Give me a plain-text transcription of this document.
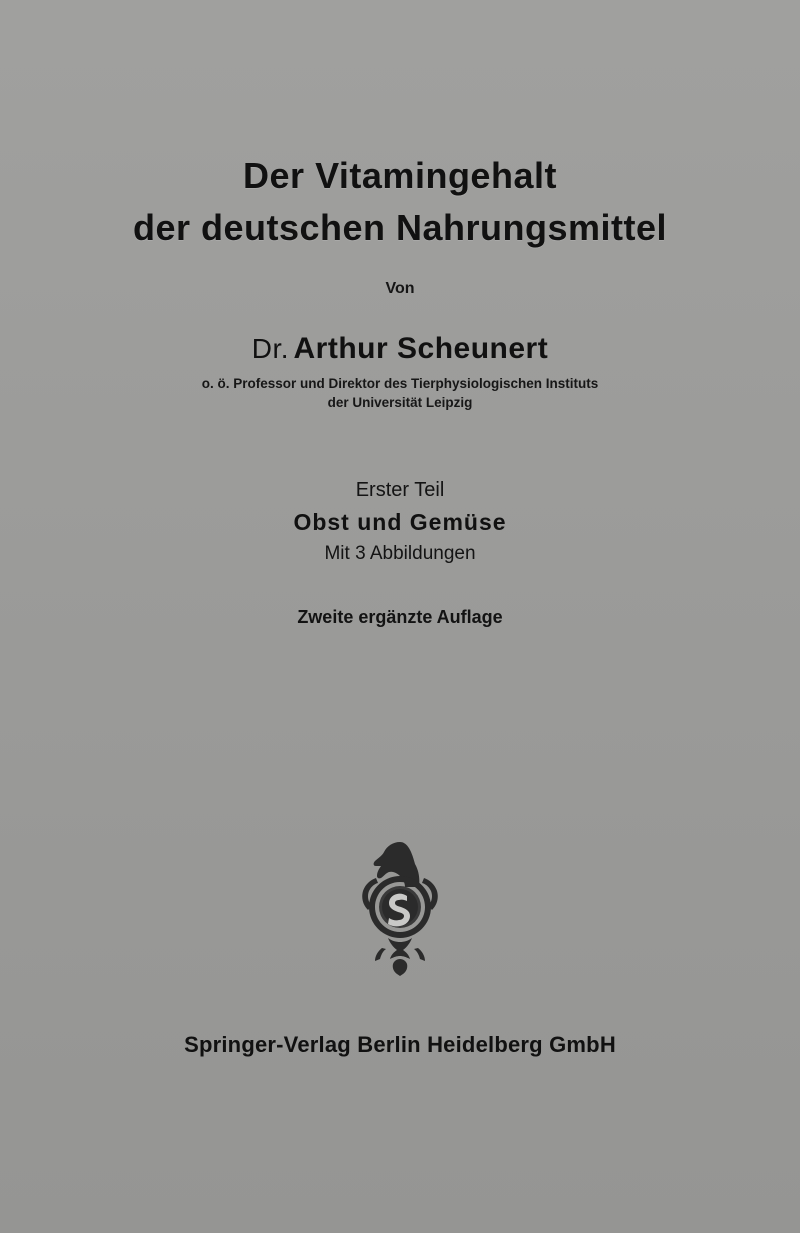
Der Vitamingehalt
der deutschen Nahrungsmittel
Von
Dr. Arthur Scheunert
o. ö. Professor und Direktor des Tierphysiologischen Instituts
der Universität Leipzig
Erster Teil
Obst und Gemüse
Mit 3 Abbildungen
Zweite ergänzte Auflage
Springer-Verlag Berlin Heidelberg GmbH
